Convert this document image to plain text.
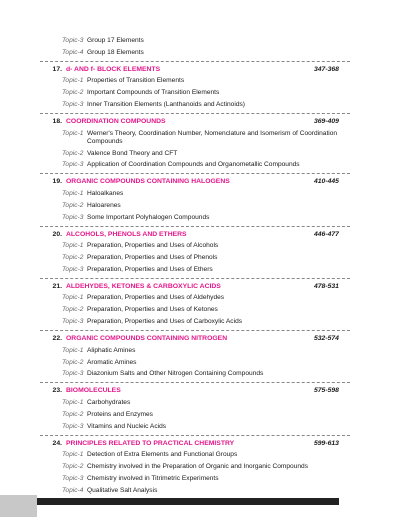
Topic-3 Group 17 Elements
Topic-4 Group 18 Elements
17. d- AND f- BLOCK ELEMENTS	347-368
Topic-1 Properties of Transition Elements
Topic-2 Important Compounds of Transition Elements
Topic-3 Inner Transition Elements (Lanthanoids and Actinoids)
18. COORDINATION COMPOUNDS	369-409
Topic-1 Werner's Theory, Coordination Number, Nomenclature and Isomerism of Coordination Compounds
Topic-2 Valence Bond Theory and CFT
Topic-3 Application of Coordination Compounds and Organometallic Compounds
19. ORGANIC COMPOUNDS CONTAINING HALOGENS	410-445
Topic-1 Haloalkanes
Topic-2 Haloarenes
Topic-3 Some Important Polyhalogen Compounds
20. ALCOHOLS, PHENOLS AND ETHERS	446-477
Topic-1 Preparation, Properties and Uses of Alcohols
Topic-2 Preparation, Properties and Uses of Phenols
Topic-3 Preparation, Properties and Uses of Ethers
21. ALDEHYDES, KETONES & CARBOXYLIC ACIDS	478-531
Topic-1 Preparation, Properties and Uses of Aldehydes
Topic-2 Preparation, Properties and Uses of Ketones
Topic-3 Preparation, Properties and Uses of Carboxylic Acids
22. ORGANIC COMPOUNDS CONTAINING NITROGEN	532-574
Topic-1 Aliphatic Amines
Topic-2 Aromatic Amines
Topic-3 Diazonium Salts and Other Nitrogen Containing Compounds
23. BIOMOLECULES	575-598
Topic-1 Carbohydrates
Topic-2 Proteins and Enzymes
Topic-3 Vitamins and Nucleic Acids
24. PRINCIPLES RELATED TO PRACTICAL CHEMISTRY	599-613
Topic-1 Detection of Extra Elements and Functional Groups
Topic-2 Chemistry involved in the Preparation of Organic and Inorganic Compounds
Topic-3 Chemistry involved in Titrimetric Experiments
Topic-4 Qualitative Salt Analysis
